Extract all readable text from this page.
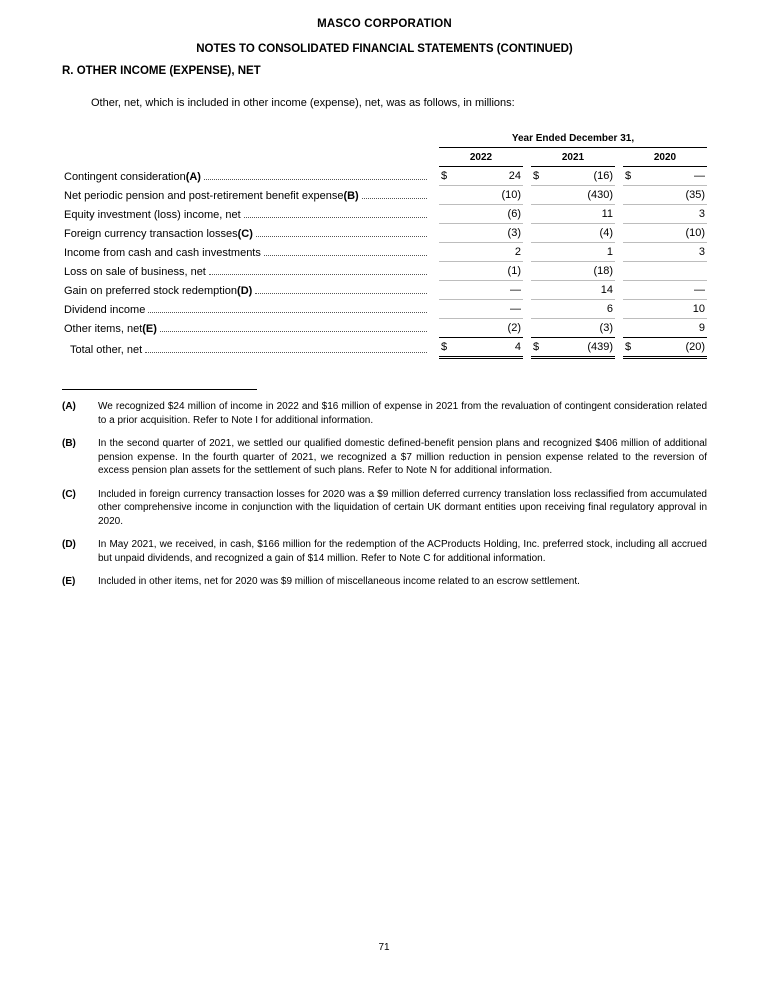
MASCO CORPORATION
NOTES TO CONSOLIDATED FINANCIAL STATEMENTS (CONTINUED)
R. OTHER INCOME (EXPENSE), NET
Other, net, which is included in other income (expense), net, was as follows, in millions:
Year Ended December 31,
2022	2021	2020
Contingent consideration (A)	$	24 $	(16) $	—
Net periodic pension and post-retirement benefit expense (B)	(10)	(430)	(35)
Equity investment (loss) income, net	(6)	11	3
Foreign currency transaction losses (C)	(3)	(4)	(10)
Income from cash and cash investments	2	1	3
Loss on sale of business, net	(1)	(18)
Gain on preferred stock redemption (D)	—	14	—
Dividend income	—	6	10
Other items, net (E)	(2)	(3)	9
Total other, net	$	4 $	(439) $	(20)
(A)	We recognized $24 million of income in 2022 and $16 million of expense in 2021 from the revaluation of contingent consideration related to a prior acquisition. Refer to Note I for additional information.
(B)	In the second quarter of 2021, we settled our qualified domestic defined-benefit pension plans and recognized $406 million of additional pension expense. In the fourth quarter of 2021, we recognized a $7 million reduction in pension expense related to the reversion of excess pension plan assets for the settlement of such plans. Refer to Note N for additional information.
(C)	Included in foreign currency transaction losses for 2020 was a $9 million deferred currency translation loss reclassified from accumulated other comprehensive income in conjunction with the liquidation of certain UK dormant entities upon receiving final regulatory approval in 2020.
(D)	In May 2021, we received, in cash, $166 million for the redemption of the ACProducts Holding, Inc. preferred stock, including all accrued but unpaid dividends, and recognized a gain of $14 million. Refer to Note C for additional information.
(E)	Included in other items, net for 2020 was $9 million of miscellaneous income related to an escrow settlement.
71
